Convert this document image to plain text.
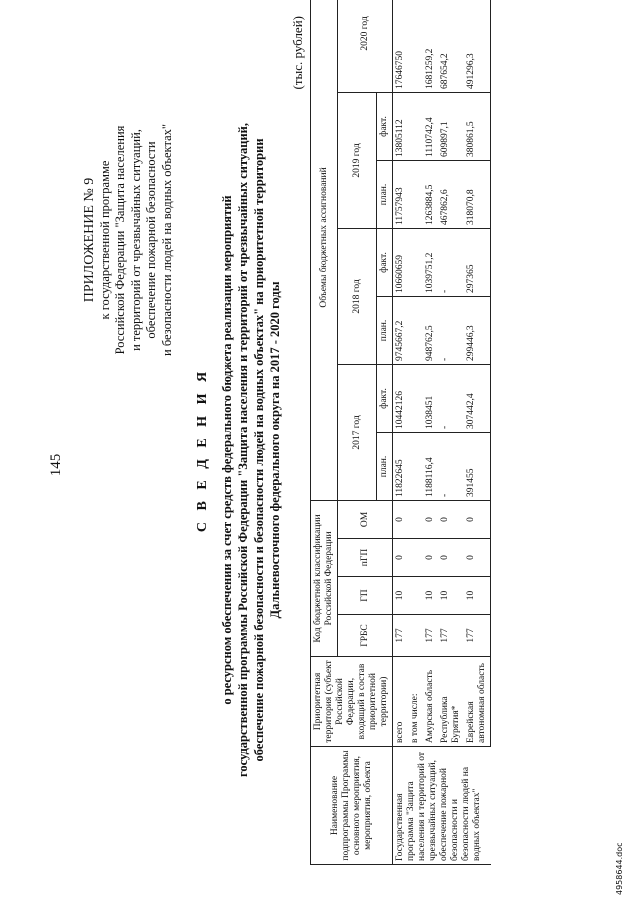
145
ПРИЛОЖЕНИЕ № 9 к государственной программе Российской Федерации "Защита населения и территорий от чрезвычайных ситуаций, обеспечение пожарной безопасности и безопасности людей на водных объектах"
С В Е Д Е Н И Я о ресурсном обеспечении за счет средств федерального бюджета реализации мероприятий государственной программы Российской Федерации "Защита населения и территорий от чрезвычайных ситуаций, обеспечение пожарной безопасности и безопасности людей на водных объектах" на приоритетной территории Дальневосточного федерального округа на 2017 - 2020 годы
(тыс. рублей)
Наименование подпрограммы Программы основного мероприятия, мероприятия, объекта	Приоритетная территория (субъект Российской Федерации, входящий в состав приоритетной территории)	Код бюджетной классификации Российской Федерации				Объемы бюджетных ассигнований						
		ГРБС	ГП	пГП	ОМ	2017 год		2018 год		2019 год		2020 год
						план.	факт.	план.	факт.	план.	факт.	
Государственная программа "Защита населения и территорий от чрезвычайных ситуаций, обеспечение пожарной безопасности и безопасности людей на водных объектах"	всего	177	10	0	0	11822645	10442126	9745667,2	10660659	11757943	13805112	17646750
	в том числе:											
	Амурская область	177	10	0	0	1188116,4	1038451	948762,5	1039751,2	1263884,5	1110742,4	1681259,2
	Республика Бурятия*	177	10	0	0	-	-	-	-	467862,6	609897,1	687654,2
	Еврейская автономная область	177	10	0	0	391455	307442,4	299446,3	297365	318070,8	380861,5	491296,3
4958644.doc
